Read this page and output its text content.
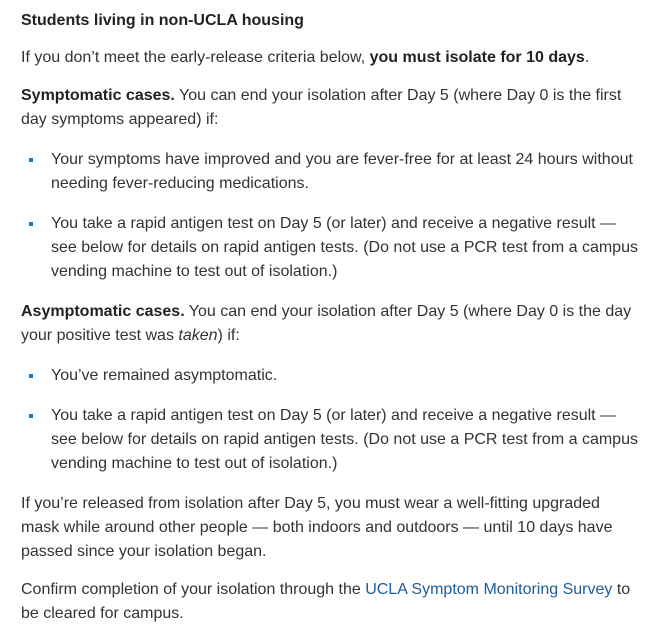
Students living in non-UCLA housing

If you don’t meet the early-release criteria below, you must isolate for 10 days.

Symptomatic cases. You can end your isolation after Day 5 (where Day 0 is the first day symptoms appeared) if:

Your symptoms have improved and you are fever-free for at least 24 hours without needing fever-reducing medications.
You take a rapid antigen test on Day 5 (or later) and receive a negative result — see below for details on rapid antigen tests. (Do not use a PCR test from a campus vending machine to test out of isolation.)

Asymptomatic cases. You can end your isolation after Day 5 (where Day 0 is the day your positive test was taken) if:

You’ve remained asymptomatic.
You take a rapid antigen test on Day 5 (or later) and receive a negative result — see below for details on rapid antigen tests. (Do not use a PCR test from a campus vending machine to test out of isolation.)

If you’re released from isolation after Day 5, you must wear a well-fitting upgraded mask while around other people — both indoors and outdoors — until 10 days have passed since your isolation began.

Confirm completion of your isolation through the UCLA Symptom Monitoring Survey to be cleared for campus.
